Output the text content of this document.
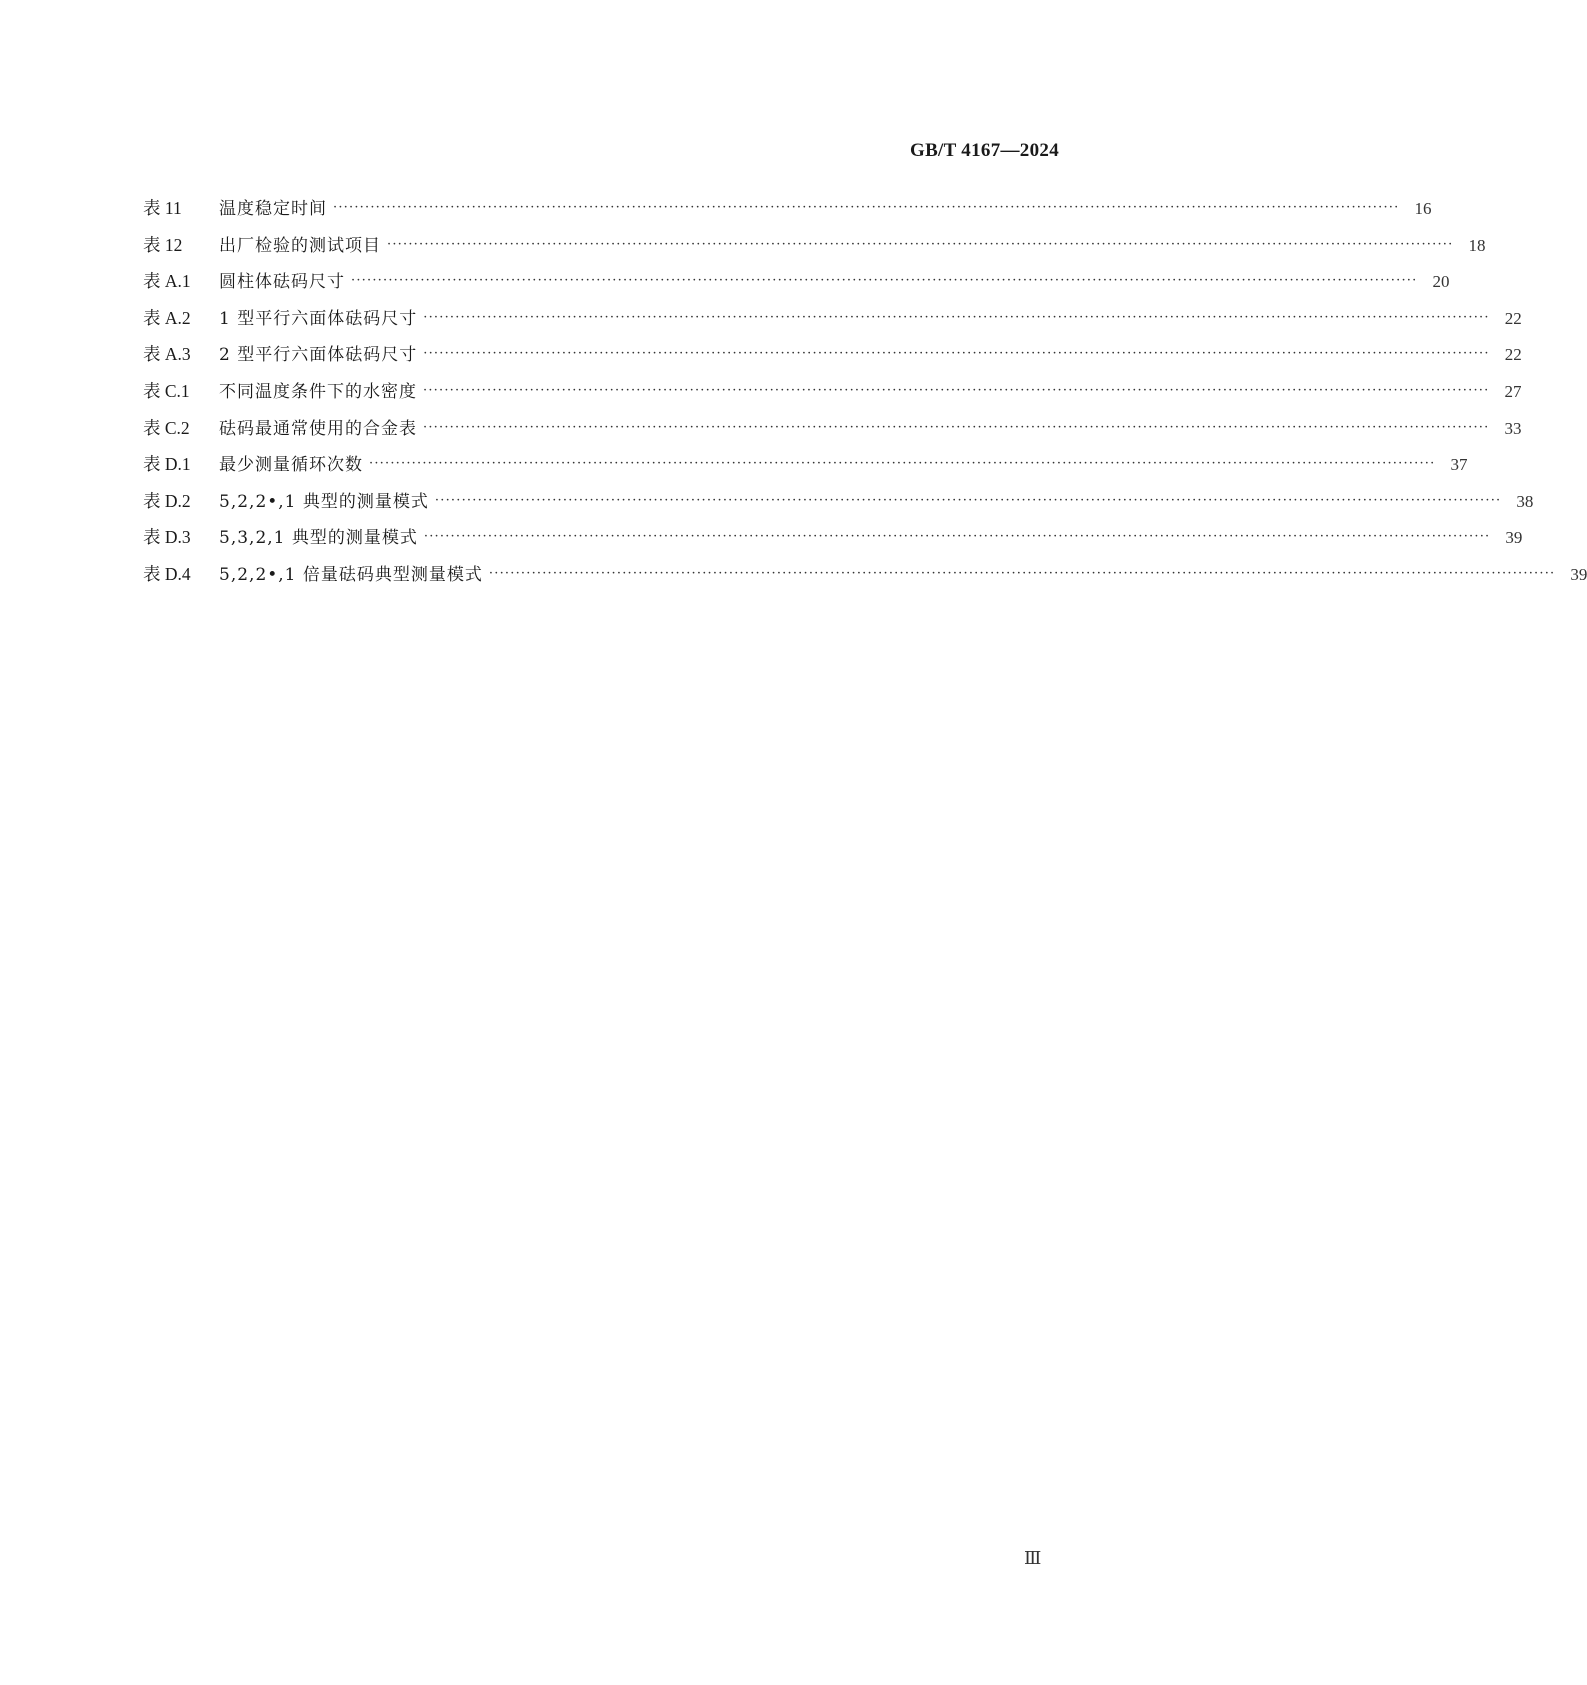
GB/T 4167—2024
表 11	温度稳定时间 ········································································································································································································ 16
表 12	出厂检验的测试项目 ········································································································································································································ 18
表 A.1	圆柱体砝码尺寸 ········································································································································································································ 20
表 A.2	1 型平行六面体砝码尺寸 ········································································································································································································ 22
表 A.3	2 型平行六面体砝码尺寸 ········································································································································································································ 22
表 C.1	不同温度条件下的水密度 ········································································································································································································ 27
表 C.2	砝码最通常使用的合金表 ········································································································································································································ 33
表 D.1	最少测量循环次数 ········································································································································································································ 37
表 D.2	5,2,2•,1 典型的测量模式 ········································································································································································································ 38
表 D.3	5,3,2,1 典型的测量模式 ········································································································································································································ 39
表 D.4	5,2,2•,1 倍量砝码典型测量模式 ········································································································································································································ 39
Ⅲ
